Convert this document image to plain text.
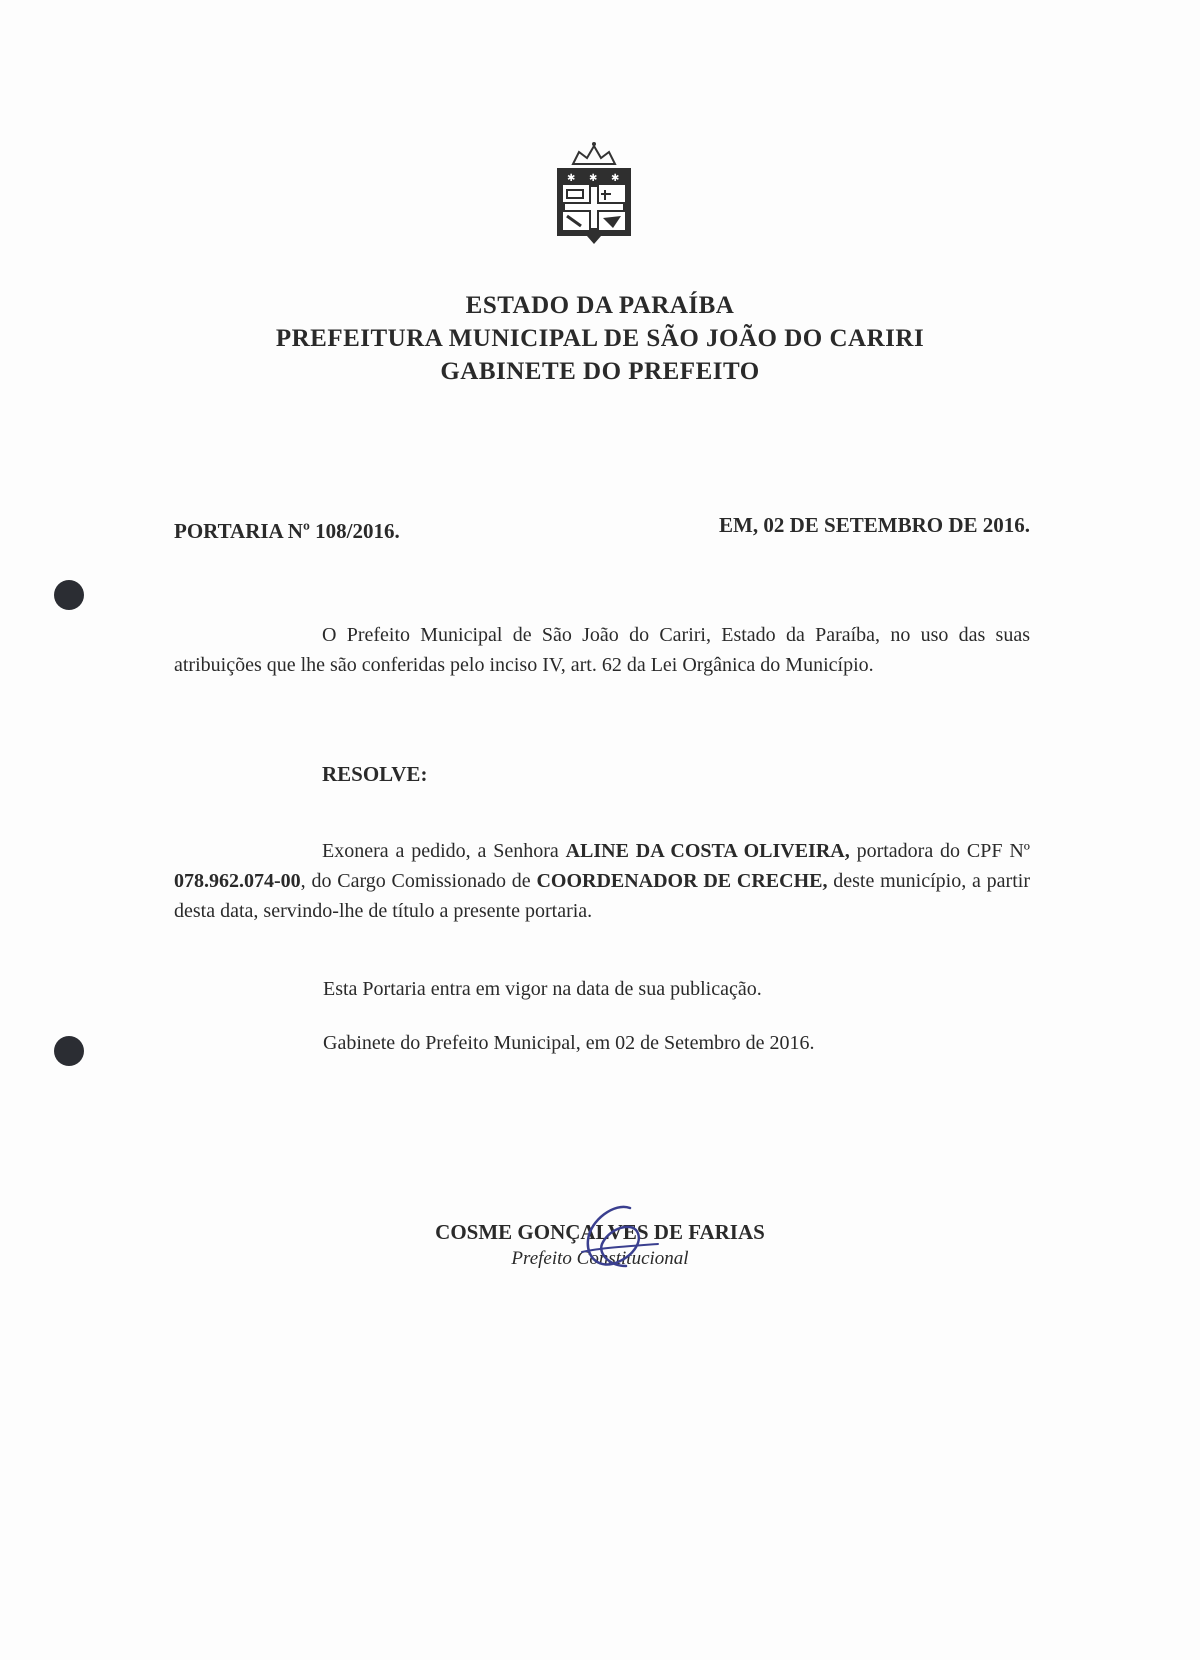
✱ ✱ ✱
ESTADO DA PARAÍBA
PREFEITURA MUNICIPAL DE SÃO JOÃO DO CARIRI
GABINETE DO PREFEITO
PORTARIA Nº 108/2016.	EM, 02 DE SETEMBRO DE 2016.

O Prefeito Municipal de São João do Cariri, Estado da Paraíba, no uso das suas atribuições que lhe são conferidas pelo inciso IV, art. 62 da Lei Orgânica do Município.

RESOLVE:

Exonera a pedido, a Senhora ALINE DA COSTA OLIVEIRA, portadora do CPF Nº 078.962.074-00, do Cargo Comissionado de COORDENADOR DE CRECHE, deste município, a partir desta data, servindo-lhe de título a presente portaria.

Esta Portaria entra em vigor na data de sua publicação.
Gabinete do Prefeito Municipal, em 02 de Setembro de 2016.
COSME GONÇALVES DE FARIAS
Prefeito Constitucional
